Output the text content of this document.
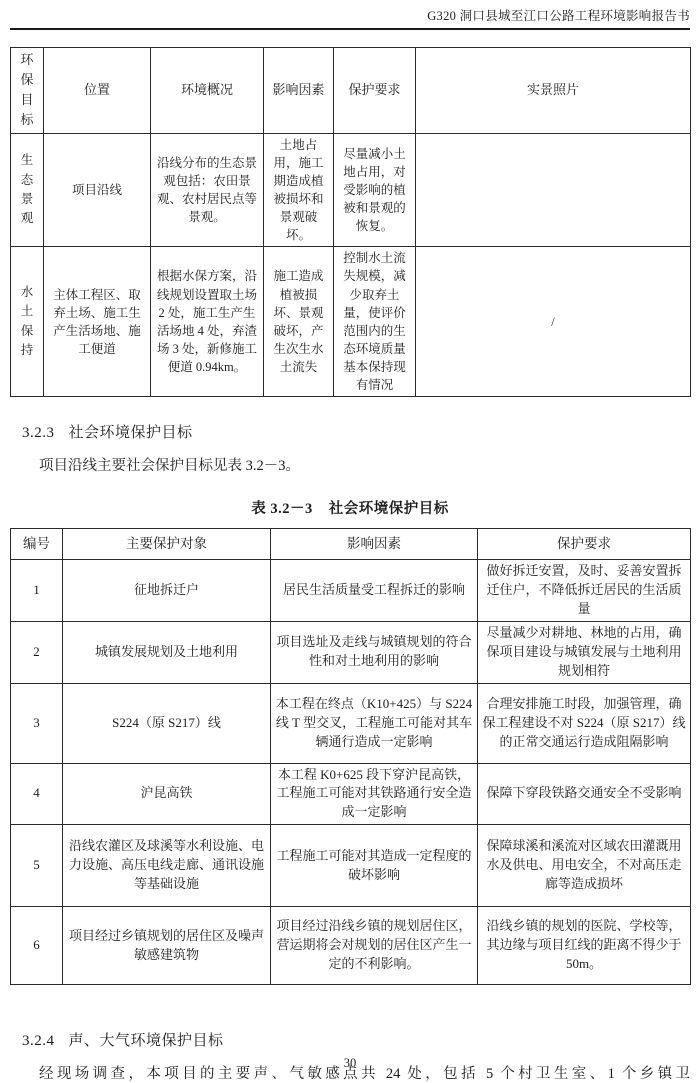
G320 洞口县城至江口公路工程环境影响报告书
环保目标	位置	环境概况	影响因素	保护要求	实景照片
生态景观	项目沿线	沿线分布的生态景观包括：农田景观、农村居民点等景观。	土地占用，施工期造成植被损坏和景观破坏。	尽量减小土地占用，对受影响的植被和景观的恢复。	
水土保持	主体工程区、取弃土场、施工生产生活场地、施工便道	根据水保方案，沿线规划设置取土场 2 处，施工生产生活场地 4 处，弃渣场 3 处，新修施工便道 0.94km。	施工造成植被损坏、景观破坏，产生次生水土流失	控制水土流失规模，减少取弃土量，使评价范围内的生态环境质量基本保持现有情况	/
3.2.3 社会环境保护目标

项目沿线主要社会保护目标见表 3.2－3。

表 3.2－3 社会环境保护目标
编号	主要保护对象	影响因素	保护要求
1	征地拆迁户	居民生活质量受工程拆迁的影响	做好拆迁安置，及时、妥善安置拆迁住户，不降低拆迁居民的生活质量
2	城镇发展规划及土地利用	项目选址及走线与城镇规划的符合性和对土地利用的影响	尽量减少对耕地、林地的占用，确保项目建设与城镇发展与土地利用规划相符
3	S224（原 S217）线	本工程在终点（K10+425）与 S224 线 T 型交叉，工程施工可能对其车辆通行造成一定影响	合理安排施工时段，加强管理，确保工程建设不对 S224（原 S217）线的正常交通运行造成阻隔影响
4	沪昆高铁	本工程 K0+625 段下穿沪昆高铁，工程施工可能对其铁路通行安全造成一定影响	保障下穿段铁路交通安全不受影响
5	沿线农灌区及球溪等水利设施、电力设施、高压电线走廊、通讯设施等基础设施	工程施工可能对其造成一定程度的破坏影响	保障球溪和溪流对区域农田灌溉用水及供电、用电安全，不对高压走廊等造成损坏
6	项目经过乡镇规划的居住区及噪声敏感建筑物	项目经过沿线乡镇的规划居住区，营运期将会对规划的居住区产生一定的不利影响。	沿线乡镇的规划的医院、学校等，其边缘与项目红线的距离不得少于 50m。
3.2.4 声、大气环境保护目标

经现场调查，本项目的主要声、气敏感点共 24 处，包括 5 个村卫生室、1 个乡镇卫

30
